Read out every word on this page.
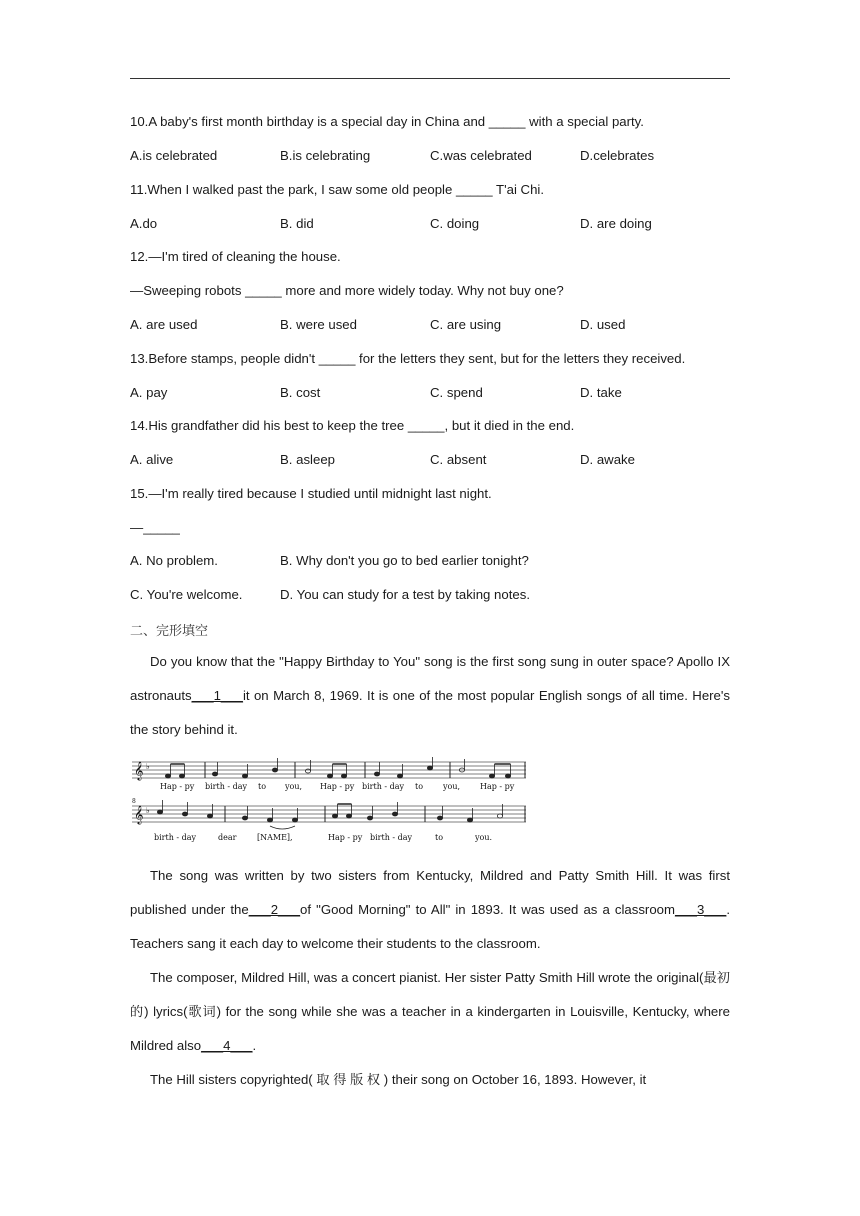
10.A baby's first month birthday is a special day in China and _____ with a special party.
A.is celebrated	B.is celebrating	C.was celebrated	D.celebrates
11.When I walked past the park, I saw some old people _____ T'ai Chi.
A.do	B. did	C. doing	D. are doing
12.—I'm tired of cleaning the house.
—Sweeping robots _____ more and more widely today. Why not buy one?
A. are used	B. were used	C. are using	D. used
13.Before stamps, people didn't _____ for the letters they sent, but for the letters they received.
A. pay	B. cost	C. spend	D. take
14.His grandfather did his best to keep the tree _____, but it died in the end.
A. alive	B. asleep	C. absent	D. awake
15.—I'm really tired because I studied until midnight last night.
—_____
A. No problem.	B. Why don't you go to bed earlier tonight?
C. You're welcome.	D. You can study for a test by taking notes.
二、完形填空
Do you know that the "Happy Birthday to You" song is the first song sung in outer space? Apollo IX astronauts___1___it on March 8, 1969. It is one of the most popular English songs of all time. Here's the story behind it.
𝄞
𝄞
♭
♭
8
Hap - py birth - day to you, Hap - py birth - day to you, Hap - py
birth - day	dear	[NAME],	Hap - py birth - day	to	you.
The song was written by two sisters from Kentucky, Mildred and Patty Smith Hill. It was first published under the___2___of "Good Morning" to All" in 1893. It was used as a classroom___3___. Teachers sang it each day to welcome their students to the classroom.
The composer, Mildred Hill, was a concert pianist. Her sister Patty Smith Hill wrote the original(最初的) lyrics(歌词) for the song while she was a teacher in a kindergarten in Louisville, Kentucky, where Mildred also___4___.
The Hill sisters copyrighted( 取 得 版 权 ) their song on October 16, 1893. However, it
